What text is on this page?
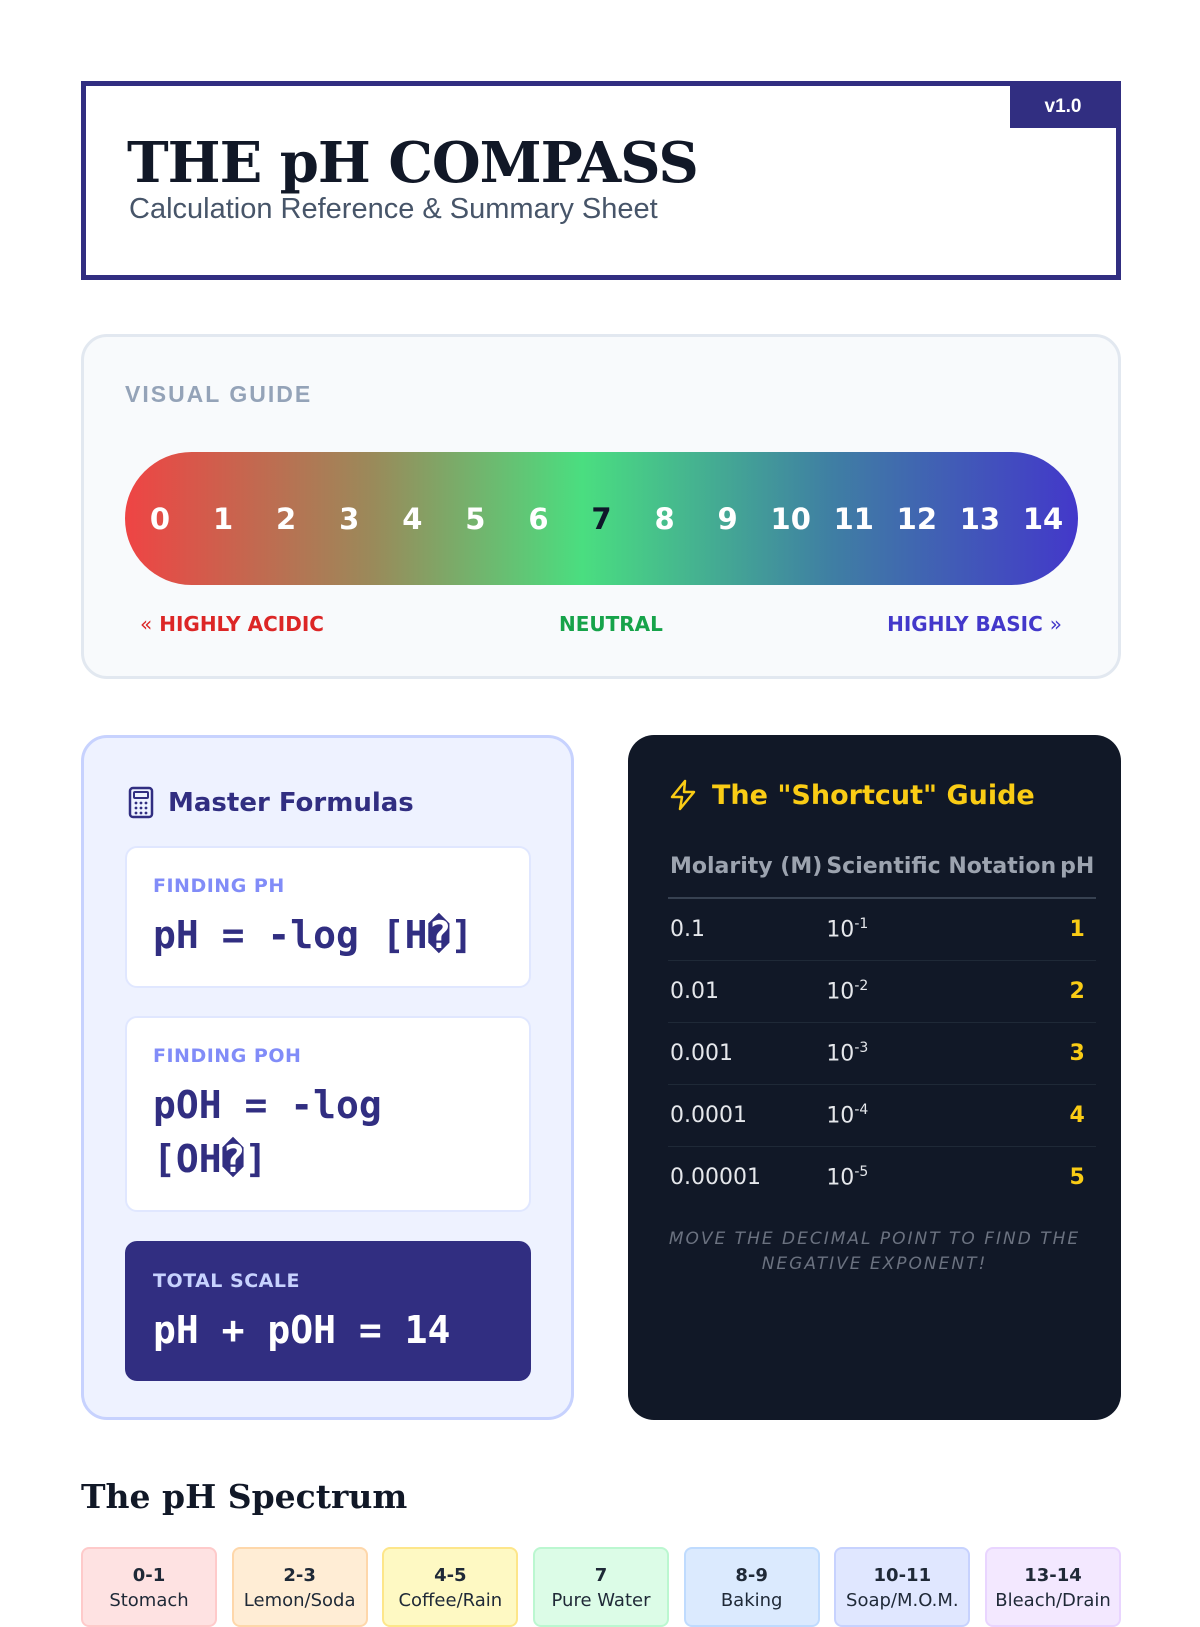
v1.0
THE pH COMPASS
Calculation Reference & Summary Sheet
VISUAL GUIDE
0 1 2 3 4 5 6 7 8 9 10 11 12 13 14
« HIGHLY ACIDIC	NEUTRAL	HIGHLY BASIC »
Master Formulas
FINDING PH
pH = -log [H⁠�]
FINDING POH
pOH = -log [OH�]
TOTAL SCALE
pH + pOH = 14
The "Shortcut" Guide
Molarity (M)	Scientific Notation	pH
0.1	$10^{-1}$	1
0.01	$10^{-2}$	2
0.001	$10^{-3}$	3
0.0001	$10^{-4}$	4
0.00001	$10^{-5}$	5
MOVE THE DECIMAL POINT TO FIND THE NEGATIVE EXPONENT!
The pH Spectrum
0-1
Stomach
2-3
Lemon/Soda
4-5
Coffee/Rain
7
Pure Water
8-9
Baking
10-11
Soap/M.O.M.
13-14
Bleach/Drain
